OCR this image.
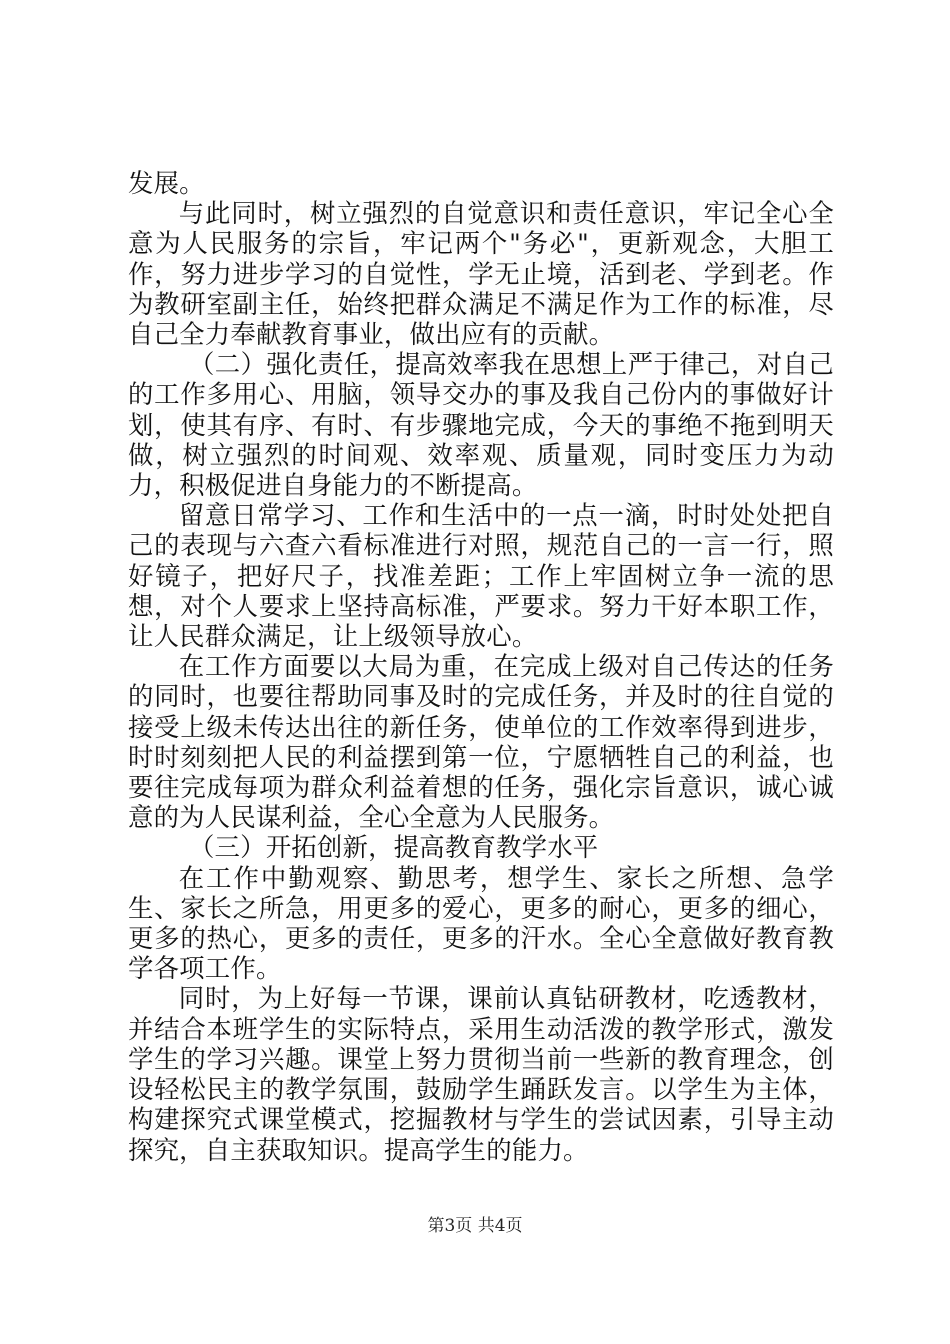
发展。

与此同时，树立强烈的自觉意识和责任意识，牢记全心全意为人民服务的宗旨，牢记两个"务必"，更新观念，大胆工作，努力进步学习的自觉性，学无止境，活到老、学到老。作为教研室副主任，始终把群众满足不满足作为工作的标准，尽自己全力奉献教育事业，做出应有的贡献。

（二）强化责任，提高效率我在思想上严于律己，对自己的工作多用心、用脑，领导交办的事及我自己份内的事做好计划，使其有序、有时、有步骤地完成，今天的事绝不拖到明天做，树立强烈的时间观、效率观、质量观，同时变压力为动力，积极促进自身能力的不断提高。

留意日常学习、工作和生活中的一点一滴，时时处处把自己的表现与六查六看标准进行对照，规范自己的一言一行，照好镜子，把好尺子，找准差距；工作上牢固树立争一流的思想，对个人要求上坚持高标准，严要求。努力干好本职工作，让人民群众满足，让上级领导放心。

在工作方面要以大局为重，在完成上级对自己传达的任务的同时，也要往帮助同事及时的完成任务，并及时的往自觉的接受上级未传达出往的新任务，使单位的工作效率得到进步，时时刻刻把人民的利益摆到第一位，宁愿牺牲自己的利益，也要往完成每项为群众利益着想的任务，强化宗旨意识，诚心诚意的为人民谋利益，全心全意为人民服务。

（三）开拓创新，提高教育教学水平

在工作中勤观察、勤思考，想学生、家长之所想、急学生、家长之所急，用更多的爱心，更多的耐心，更多的细心，更多的热心，更多的责任，更多的汗水。全心全意做好教育教学各项工作。

同时，为上好每一节课，课前认真钻研教材，吃透教材，并结合本班学生的实际特点，采用生动活泼的教学形式，激发学生的学习兴趣。课堂上努力贯彻当前一些新的教育理念，创设轻松民主的教学氛围，鼓励学生踊跃发言。以学生为主体，构建探究式课堂模式，挖掘教材与学生的尝试因素，引导主动探究，自主获取知识。提高学生的能力。

第3页 共4页
